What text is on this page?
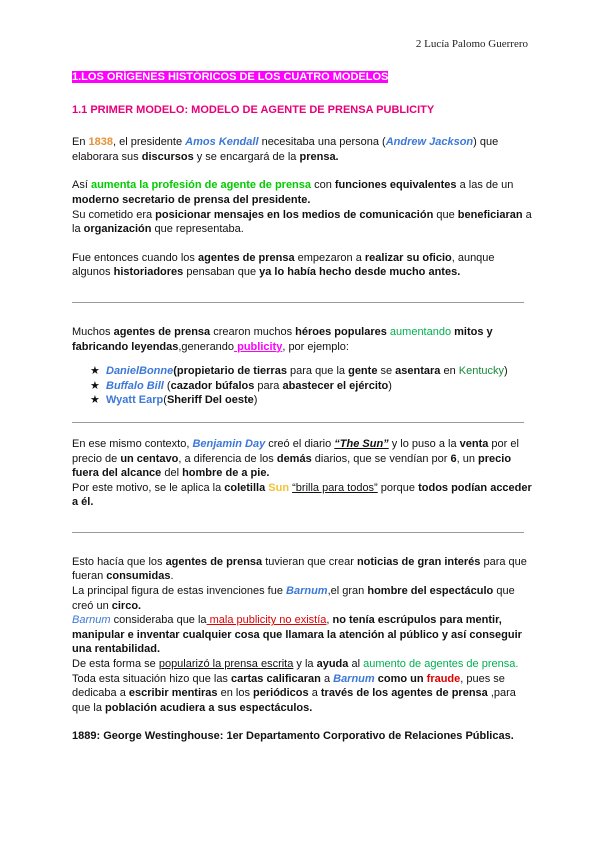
2 Lucía Palomo Guerrero

1.LOS ORÍGENES HISTÓRICOS DE LOS CUATRO MODELOS

1.1 PRIMER MODELO: MODELO DE AGENTE DE PRENSA PUBLICITY

En 1838, el presidente Amos Kendall necesitaba una persona (Andrew Jackson) que elaborara sus discursos y se encargará de la prensa.

Así aumenta la profesión de agente de prensa con funciones equivalentes a las de un moderno secretario de prensa del presidente.

Su cometido era posicionar mensajes en los medios de comunicación que beneficiaran a la organización que representaba.

Fue entonces cuando los agentes de prensa empezaron a realizar su oficio, aunque algunos historiadores pensaban que ya lo había hecho desde mucho antes.

Muchos agentes de prensa crearon muchos héroes populares aumentando mitos y fabricando leyendas,generando publicity, por ejemplo:

★ DanielBonne(propietario de tierras para que la gente se asentara en Kentucky)
★ Buffalo Bill (cazador búfalos para abastecer el ejército)
★ Wyatt Earp(Sheriff Del oeste)

En ese mismo contexto, Benjamin Day creó el diario “The Sun” y lo puso a la venta por el precio de un centavo, a diferencia de los demás diarios, que se vendían por 6, un precio fuera del alcance del hombre de a pie.

Por este motivo, se le aplica la coletilla Sun “brilla para todos” porque todos podían acceder a él.

Esto hacía que los agentes de prensa tuvieran que crear noticias de gran interés para que fueran consumidas.

La principal figura de estas invenciones fue Barnum,el gran hombre del espectáculo que creó un circo.

Barnum consideraba que la mala publicity no existía, no tenía escrúpulos para mentir, manipular e inventar cualquier cosa que llamara la atención al público y así conseguir una rentabilidad.

De esta forma se popularizó la prensa escrita y la ayuda al aumento de agentes de prensa.

Toda esta situación hizo que las cartas calificaran a Barnum como un fraude, pues se dedicaba a escribir mentiras en los periódicos a través de los agentes de prensa ,para que la población acudiera a sus espectáculos.

1889: George Westinghouse: 1er Departamento Corporativo de Relaciones Públicas.
